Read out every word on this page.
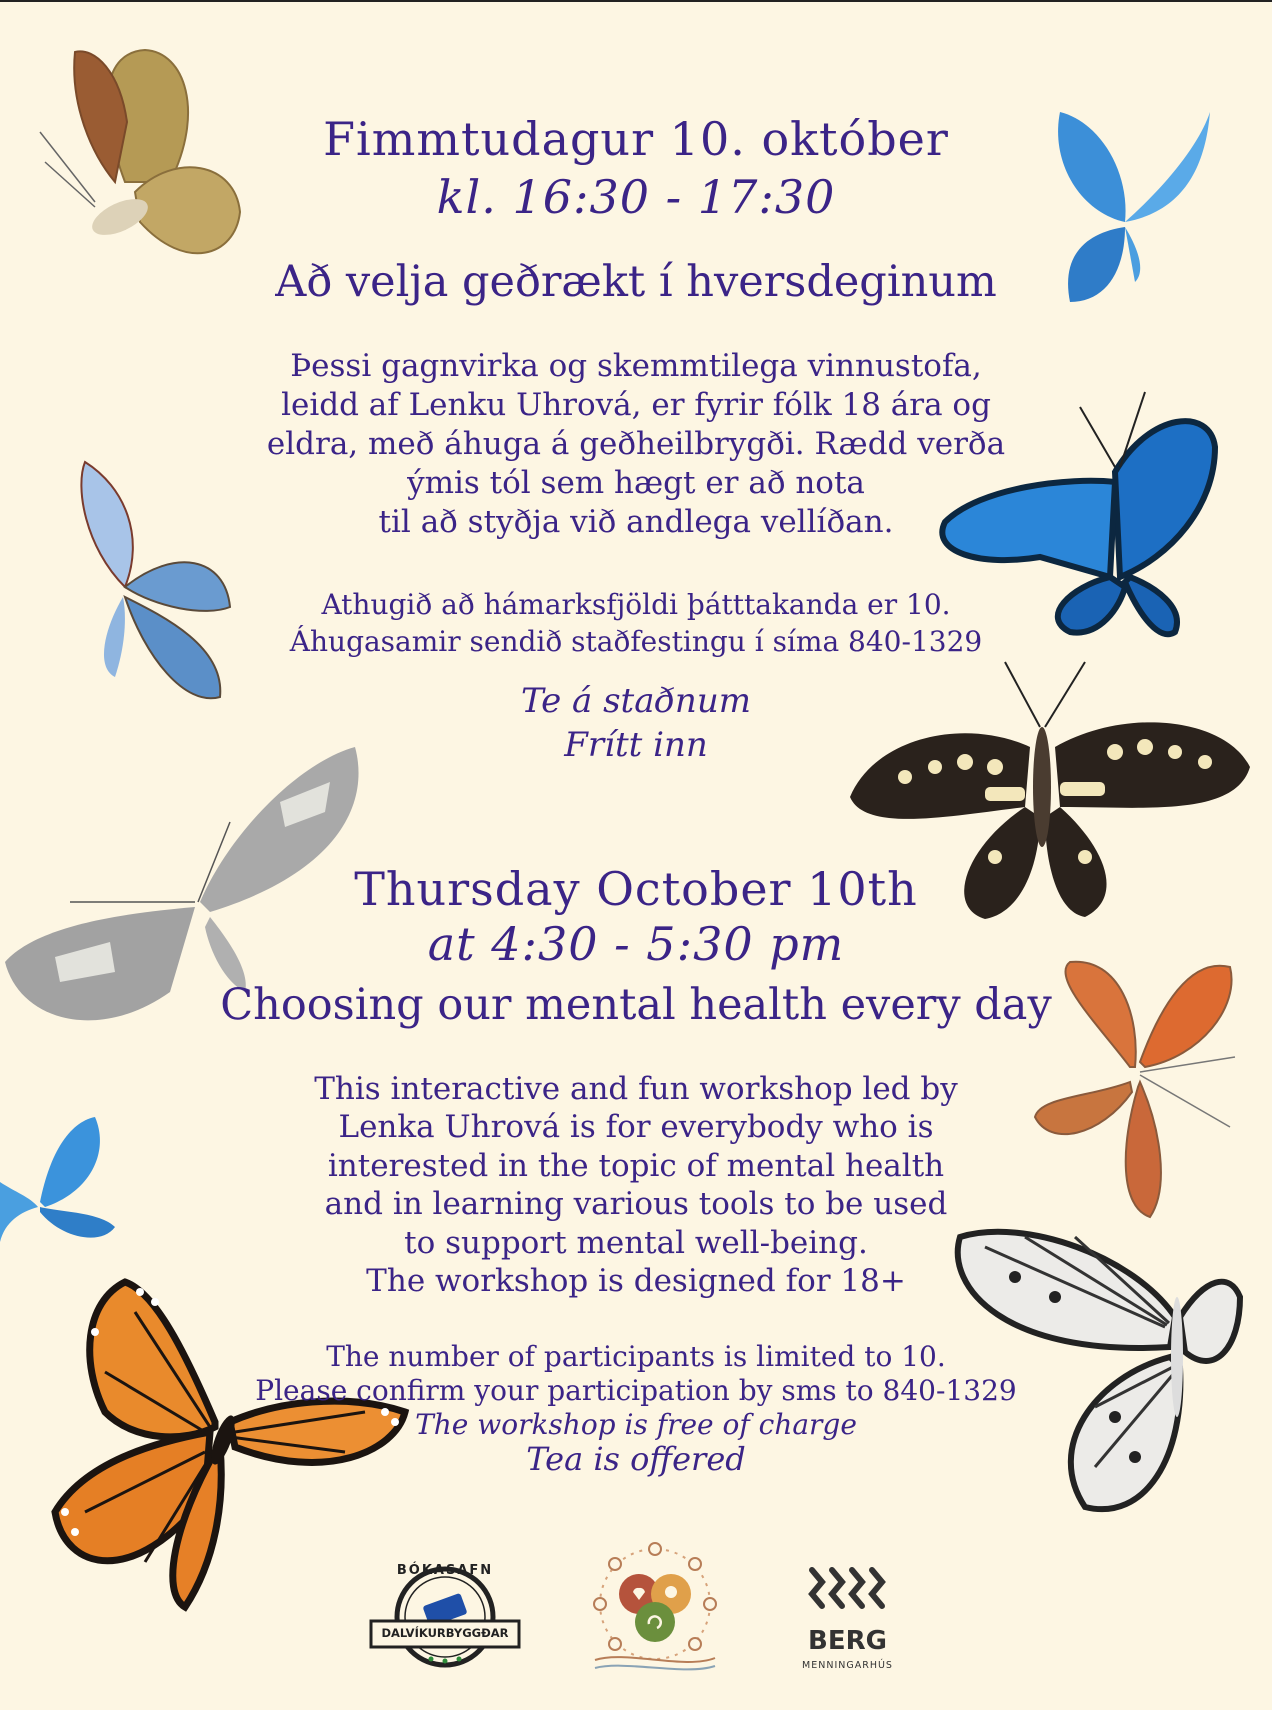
Fimmtudagur 10. október
kl. 16:30 - 17:30
Að velja geðrækt í hversdeginum
Þessi gagnvirka og skemmtilega vinnustofa,
leidd af Lenku Uhrová, er fyrir fólk 18 ára og
eldra, með áhuga á geðheilbrygði. Rædd verða
ýmis tól sem hægt er að nota
til að styðja við andlega vellíðan.
Athugið að hámarksfjöldi þátttakanda er 10.
Áhugasamir sendið staðfestingu í síma 840-1329
Te á staðnum
Frítt inn
Thursday October 10th
at 4:30 - 5:30 pm
Choosing our mental health every day
This interactive and fun workshop led by
Lenka Uhrová is for everybody who is
interested in the topic of mental health
and in learning various tools to be used
to support mental well-being.
The workshop is designed for 18+
The number of participants is limited to 10.
Please confirm your participation by sms to 840-1329
The workshop is free of charge
Tea is offered
BÓKASAFN
DALVÍKURBYGGÐAR	BERG
MENNINGARHÚS
